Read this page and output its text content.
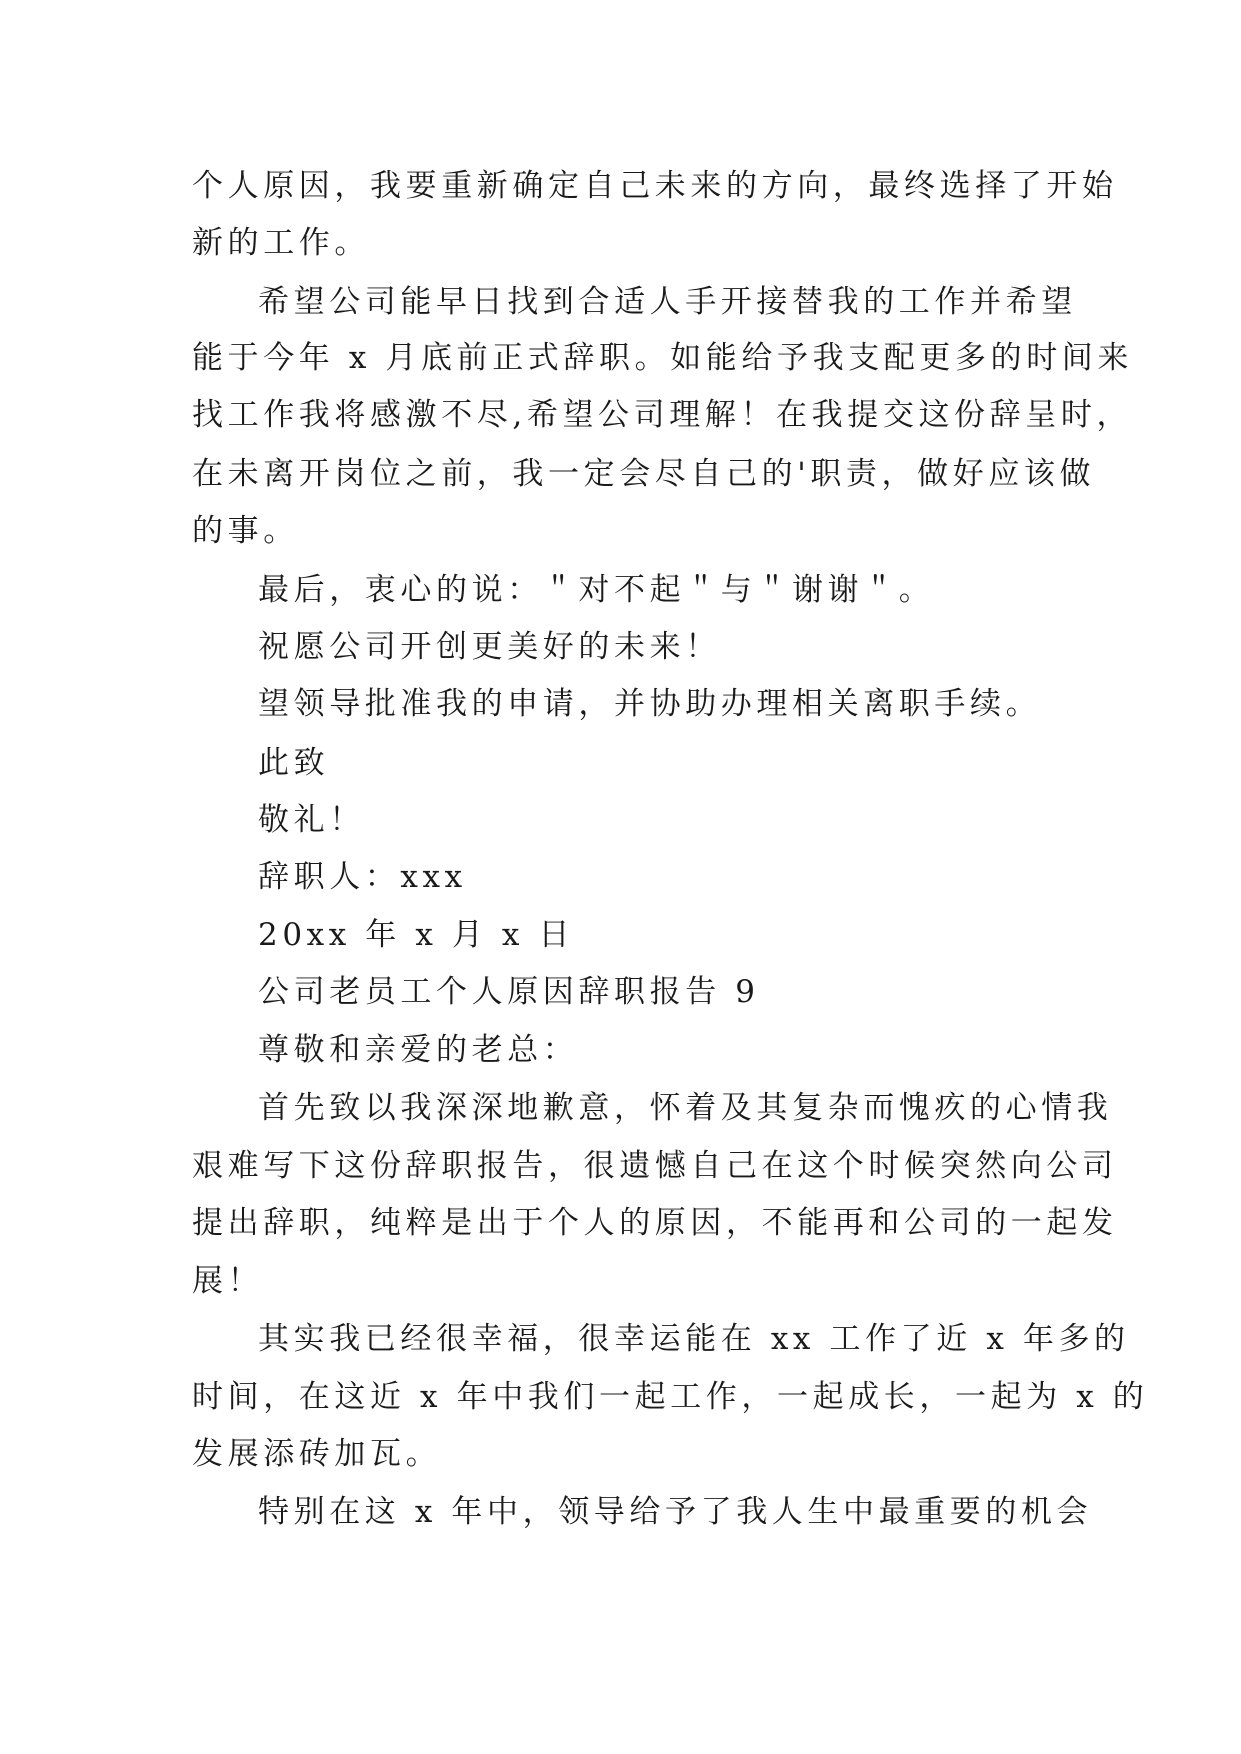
个人原因，我要重新确定自己未来的方向，最终选择了开始
新的工作。
希望公司能早日找到合适人手开接替我的工作并希望
能于今年 x 月底前正式辞职。如能给予我支配更多的时间来
找工作我将感激不尽,希望公司理解！在我提交这份辞呈时，
在未离开岗位之前，我一定会尽自己的'职责，做好应该做
的事。
最后，衷心的说：＂对不起＂与＂谢谢＂。
祝愿公司开创更美好的未来！
望领导批准我的申请，并协助办理相关离职手续。
此致
敬礼！
辞职人：xxx
20xx 年 x 月 x 日
公司老员工个人原因辞职报告 9
尊敬和亲爱的老总：
首先致以我深深地歉意，怀着及其复杂而愧疚的心情我
艰难写下这份辞职报告，很遗憾自己在这个时候突然向公司
提出辞职，纯粹是出于个人的原因，不能再和公司的一起发
展！
其实我已经很幸福，很幸运能在 xx 工作了近 x 年多的
时间，在这近 x 年中我们一起工作，一起成长，一起为 x 的
发展添砖加瓦。
特别在这 x 年中，领导给予了我人生中最重要的机会
